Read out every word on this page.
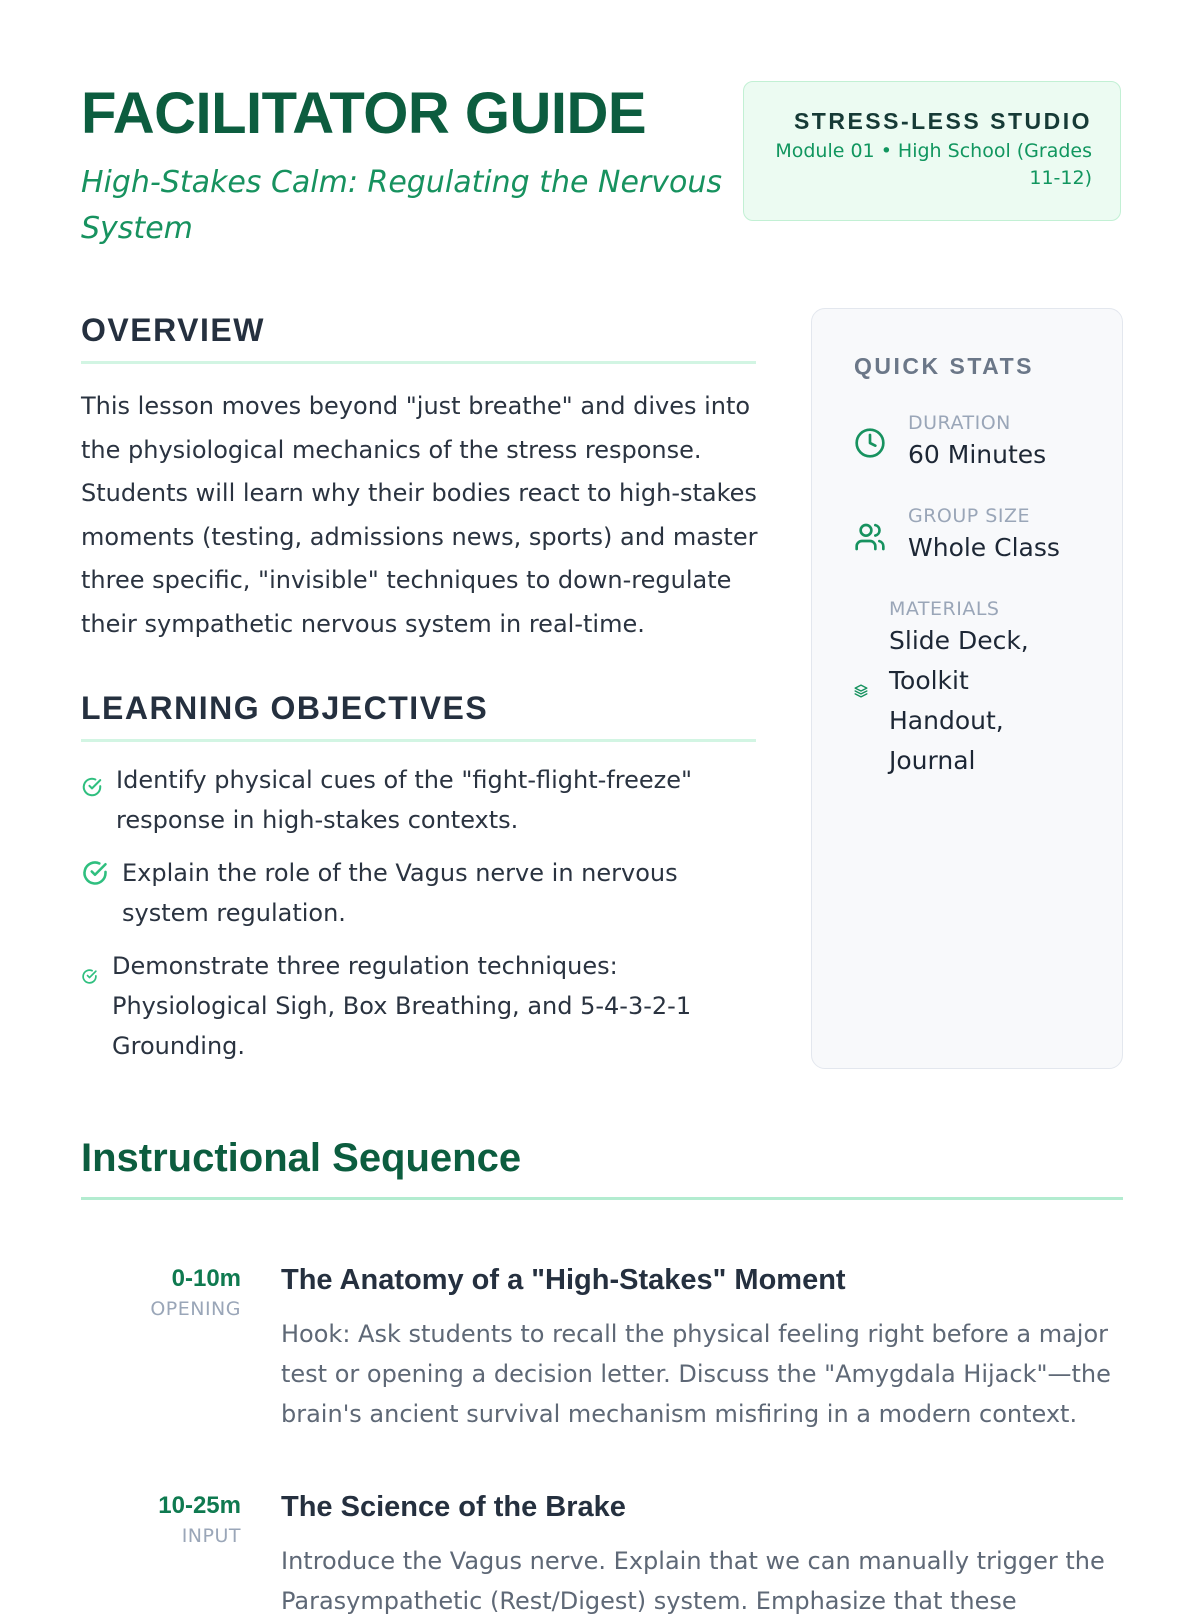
FACILITATOR GUIDE
High-Stakes Calm: Regulating the Nervous System
STRESS-LESS STUDIO
Module 01 • High School (Grades 11-12)
OVERVIEW

This lesson moves beyond "just breathe" and dives into the physiological mechanics of the stress response. Students will learn why their bodies react to high-stakes moments (testing, admissions news, sports) and master three specific, "invisible" techniques to down-regulate their sympathetic nervous system in real-time.

LEARNING OBJECTIVES
Identify physical cues of the "fight-flight-freeze" response in high-stakes contexts.
Explain the role of the Vagus nerve in nervous system regulation.
Demonstrate three regulation techniques: Physiological Sigh, Box Breathing, and 5-4-3-2-1 Grounding.
QUICK STATS
DURATION
60 Minutes
GROUP SIZE
Whole Class
MATERIALS
Slide Deck, Toolkit Handout, Journal
Instructional Sequence
0-10m
OPENING
The Anatomy of a "High-Stakes" Moment
Hook: Ask students to recall the physical feeling right before a major test or opening a decision letter. Discuss the "Amygdala Hijack"—the brain's ancient survival mechanism misfiring in a modern context.
10-25m
INPUT
The Science of the Brake
Introduce the Vagus nerve. Explain that we can manually trigger the Parasympathetic (Rest/Digest) system. Emphasize that these
